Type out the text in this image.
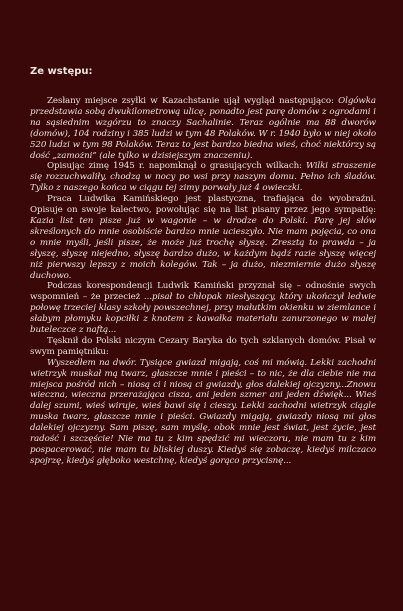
Ze wstępu:

Zesłany miejsce zsyłki w Kazachstanie ujął wygląd następująco: Olgówka przedstawia sobą dwukilometrową ulicę, ponadto jest parę domów z ogrodami i na sąsiednim wzgórzu to znaczy Sachalinie. Teraz ogólnie ma 88 dworów (domów), 104 rodziny i 385 ludzi w tym 48 Polaków. W r. 1940 było w niej około 520 ludzi w tym 98 Polaków. Teraz to jest bardzo biedna wieś, choć niektórzy są dość „zamożni” (ale tylko w dzisiejszym znaczeniu).

Opisując zimę 1945 r. napomknął o grasujących wilkach: Wilki straszenie się rozzuchwaliły, chodzą w nocy po wsi przy naszym domu. Pełno ich śladów. Tylko z naszego końca w ciągu tej zimy porwały już 4 owieczki.

Praca Ludwika Kamińskiego jest plastyczna, trafiająca do wyobraźni. Opisuje on swoje kalectwo, powołując się na list pisany przez jego sympatię: Kazia list ten pisze już w wagonie – w drodze do Polski. Parę jej słów skreślonych do mnie osobiście bardzo mnie ucieszyło. Nie mam pojęcia, co ona o mnie myśli, jeśli pisze, że może już trochę słyszę. Zresztą to prawda – ja słyszę, słyszę niejedno, słyszę bardzo dużo, w każdym bądź razie słyszę więcej niż pierwszy lepszy z moich kolegów. Tak – ja dużo, niezmiernie dużo słyszę duchowo.

Podczas korespondencji Ludwik Kamiński przyznał się – odnośnie swych wspomnień – że przecież ...pisał to chłopak niesłyszący, który ukończył ledwie połowę trzeciej klasy szkoły powszechnej, przy małutkim okienku w ziemlance i słabym płomyku kopciłki z knotem z kawałka materiału zanurzonego w małej buteleczce z naftą...

Tęsknił do Polski niczym Cezary Baryka do tych szklanych domów. Pisał w swym pamiętniku:

Wyszedłem na dwór. Tysiące gwiazd migają, coś mi mówią. Lekki zachodni wietrzyk muskał mą twarz, głaszcze mnie i pieści – to nic, że dla ciebie nie ma miejsca pośród nich – niosą ci i niosą ci gwiazdy, głos dalekiej ojczyzny...Znowu wieczna, wieczna przerażająca cisza, ani jeden szmer ani jeden dźwięk... Wieś dalej szumi, wieś wiruje, wieś bawi się i cieszy. Lekki zachodni wietrzyk ciągle muska twarz, głaszcze mnie i pieści. Gwiazdy migają, gwiazdy niosą mi głos dalekiej ojczyzny. Sam piszę, sam myślę, obok mnie jest świat, jest życie, jest radość i szczęście! Nie ma tu z kim spędzić mi wieczoru, nie mam tu z kim pospacerować, nie mam tu bliskiej duszy. Kiedyś się zobaczę, kiedyś milczaco spojrzę, kiedyś głęboko westchnę, kiedyś gorąco przycisnę...
